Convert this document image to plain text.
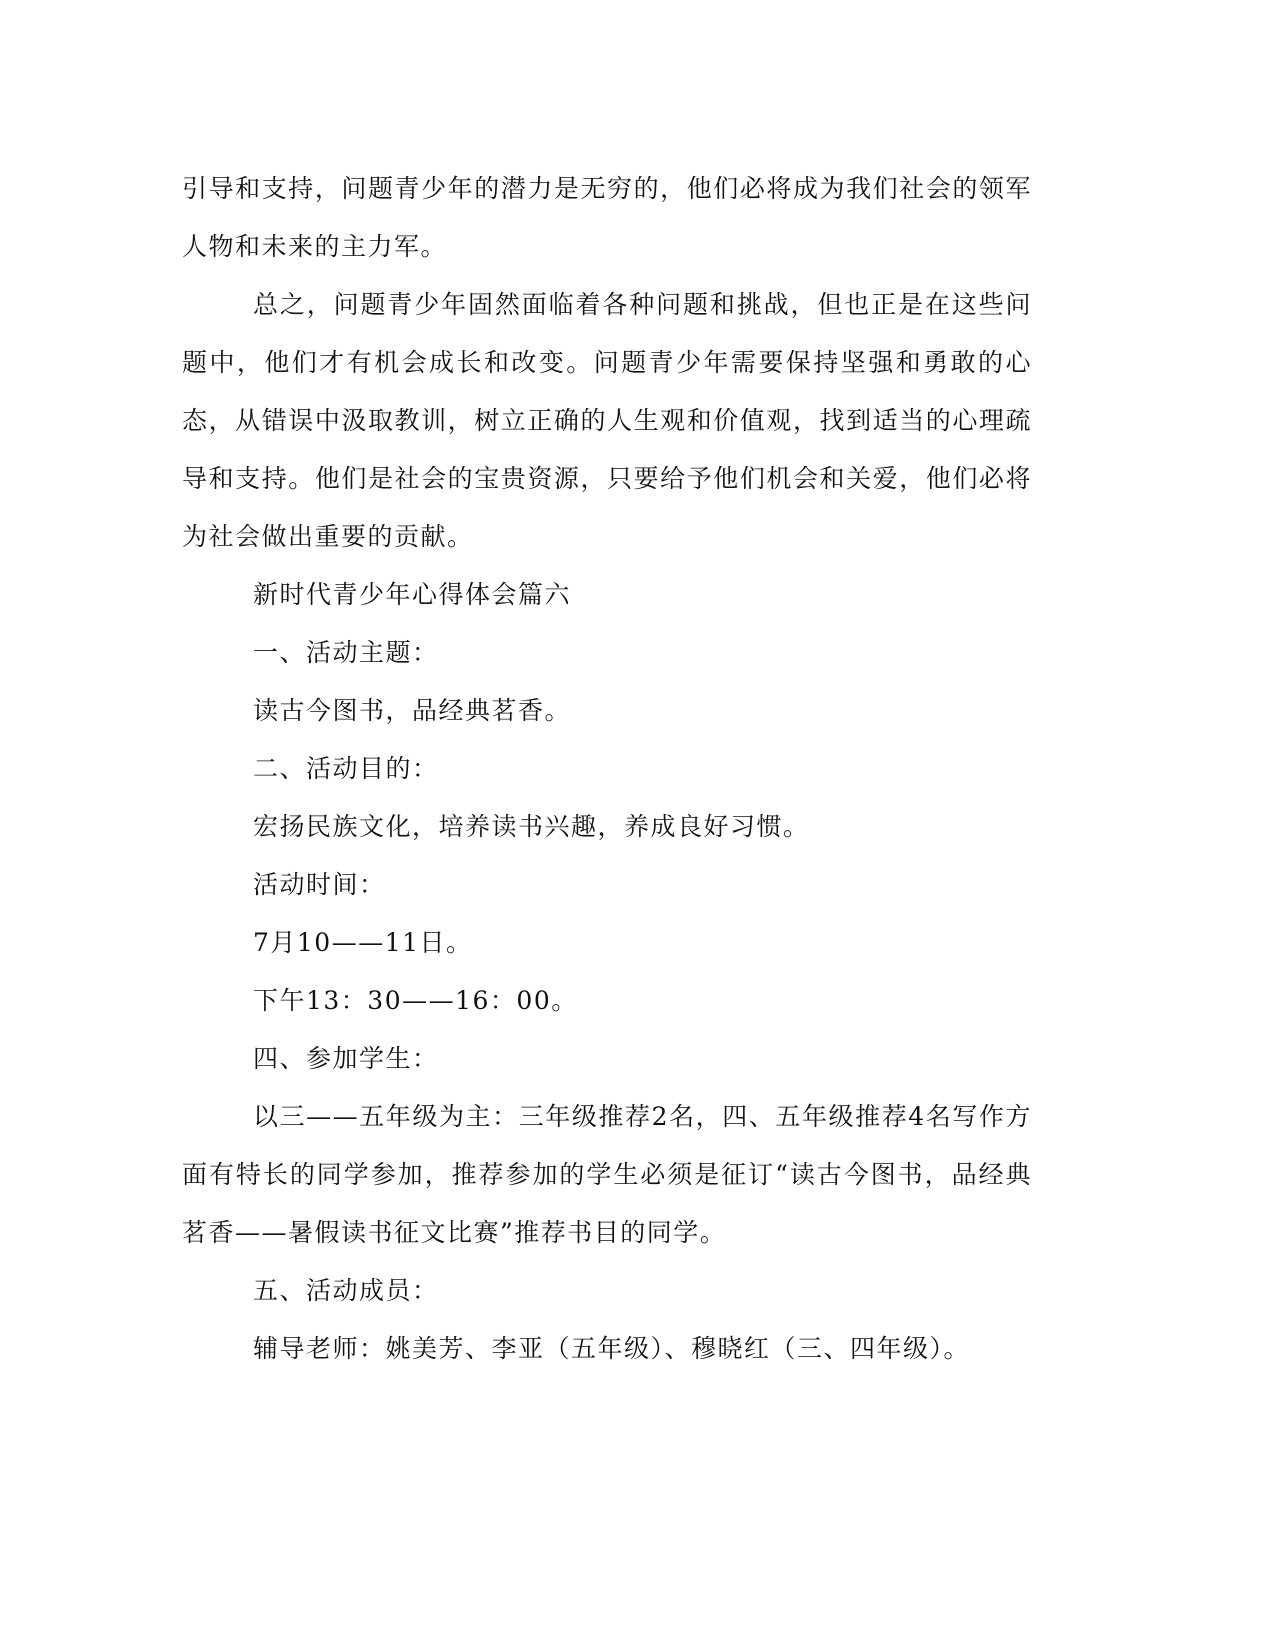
引导和支持，问题青少年的潜力是无穷的，他们必将成为我们社会的领军人物和未来的主力军。

总之，问题青少年固然面临着各种问题和挑战，但也正是在这些问题中，他们才有机会成长和改变。问题青少年需要保持坚强和勇敢的心态，从错误中汲取教训，树立正确的人生观和价值观，找到适当的心理疏导和支持。他们是社会的宝贵资源，只要给予他们机会和关爱，他们必将为社会做出重要的贡献。

新时代青少年心得体会篇六

一、活动主题：

读古今图书，品经典茗香。

二、活动目的：

宏扬民族文化，培养读书兴趣，养成良好习惯。

活动时间：

7月10——11日。

下午13：30——16：00。

四、参加学生：

以三——五年级为主：三年级推荐2名，四、五年级推荐4名写作方面有特长的同学参加，推荐参加的学生必须是征订“读古今图书，品经典茗香——暑假读书征文比赛”推荐书目的同学。

五、活动成员：

辅导老师：姚美芳、李亚（五年级）、穆晓红（三、四年级）。
